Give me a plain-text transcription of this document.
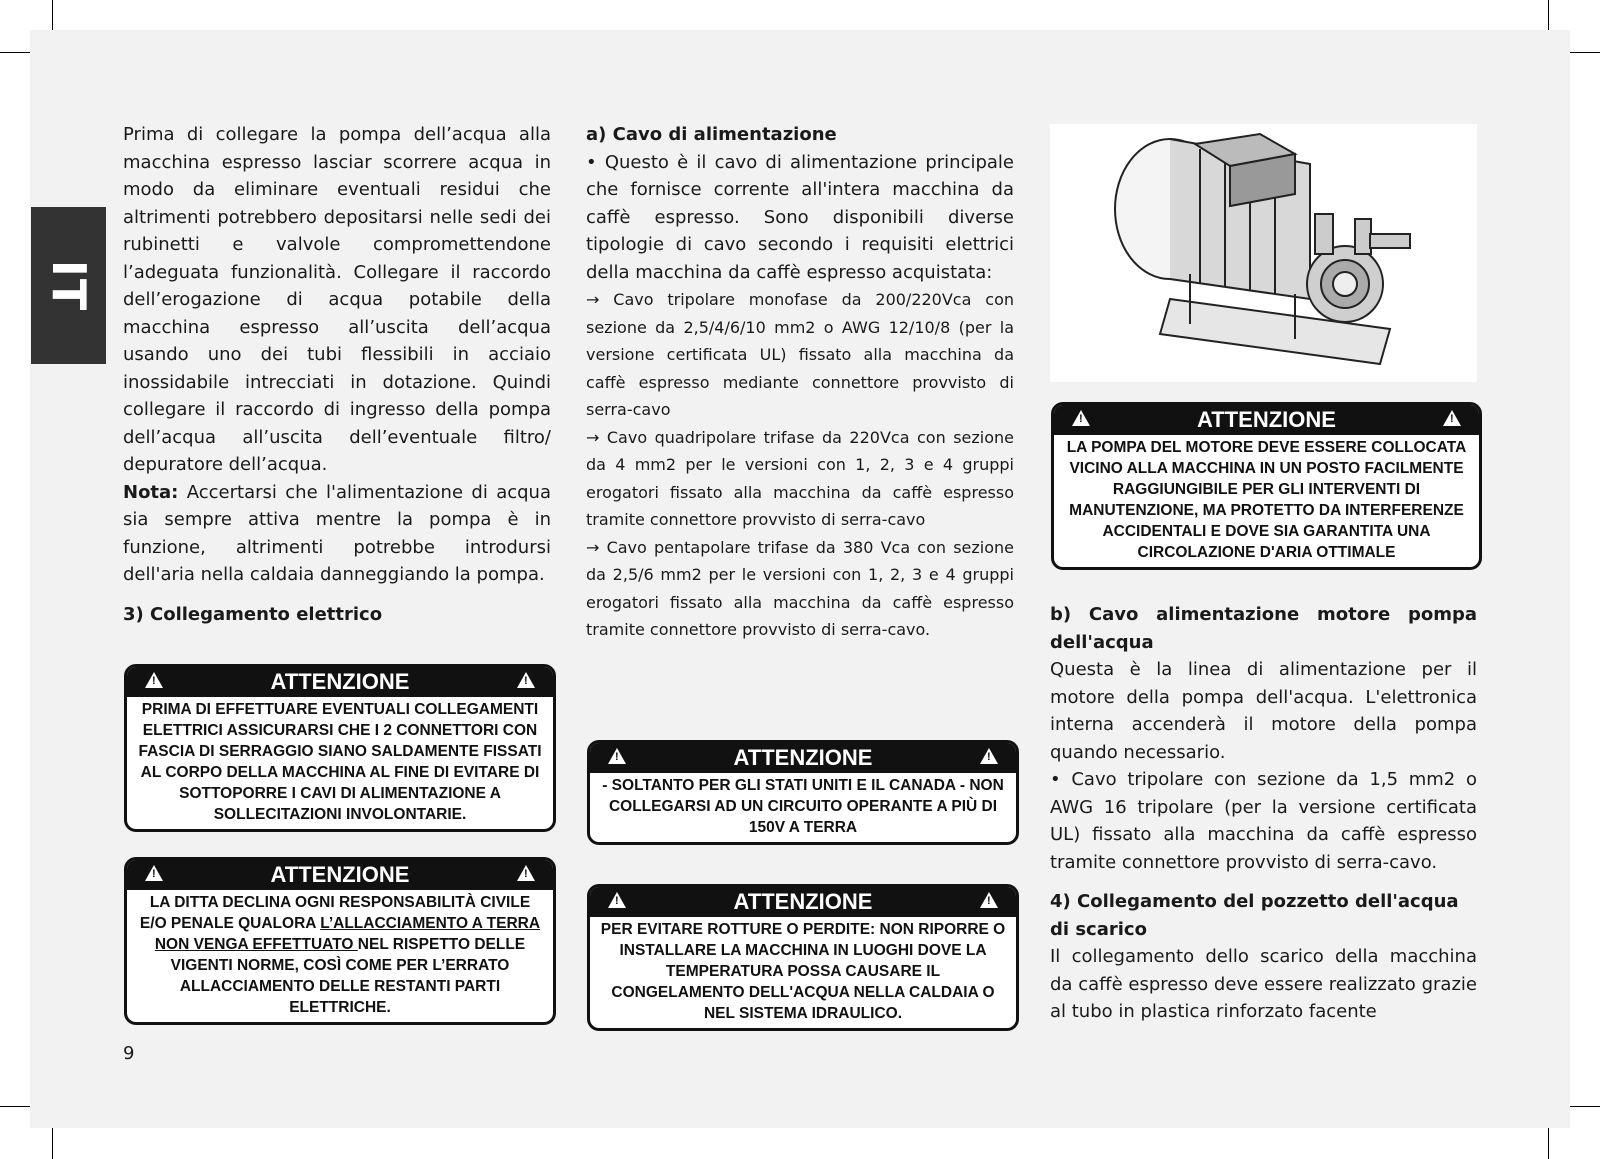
IT

Prima di collegare la pompa dell’acqua alla macchina espresso lasciar scorrere acqua in modo da eliminare eventuali residui che altrimenti potrebbero depositarsi nelle sedi dei rubinetti e valvole compromettendone l’adeguata funzionalità. Collegare il raccordo dell’erogazione di acqua potabile della macchina espresso all’uscita dell’acqua usando uno dei tubi flessibili in acciaio inossidabile intrecciati in dotazione. Quindi collegare il raccordo di ingresso della pompa dell’acqua all’uscita dell’eventuale filtro/ depuratore dell’acqua.

Nota: Accertarsi che l'alimentazione di acqua sia sempre attiva mentre la pompa è in funzione, altrimenti potrebbe introdursi dell'aria nella caldaia danneggiando la pompa.

3) Collegamento elettrico

!
ATTENZIONE
!
PRIMA DI EFFETTUARE EVENTUALI COLLEGAMENTI ELETTRICI ASSICURARSI CHE I 2 CONNETTORI CON FASCIA DI SERRAGGIO SIANO SALDAMENTE FISSATI AL CORPO DELLA MACCHINA AL FINE DI EVITARE DI SOTTOPORRE I CAVI DI ALIMENTAZIONE A SOLLECITAZIONI INVOLONTARIE.
!
ATTENZIONE
!
LA DITTA DECLINA OGNI RESPONSABILITÀ CIVILE E/O PENALE QUALORA L’ALLACCIAMENTO A TERRA NON VENGA EFFETTUATO NEL RISPETTO DELLE VIGENTI NORME, COSÌ COME PER L’ERRATO ALLACCIAMENTO DELLE RESTANTI PARTI ELETTRICHE.
9

a) Cavo di alimentazione

• Questo è il cavo di alimentazione principale che fornisce corrente all'intera macchina da caffè espresso. Sono disponibili diverse tipologie di cavo secondo i requisiti elettrici della macchina da caffè espresso acquistata:

→ Cavo tripolare monofase da 200/220Vca con sezione da 2,5/4/6/10 mm2 o AWG 12/10/8 (per la versione certificata UL) fissato alla macchina da caffè espresso mediante connettore provvisto di serra-cavo

→ Cavo quadripolare trifase da 220Vca con sezione da 4 mm2 per le versioni con 1, 2, 3 e 4 gruppi erogatori fissato alla macchina da caffè espresso tramite connettore provvisto di serra-cavo

→ Cavo pentapolare trifase da 380 Vca con sezione da 2,5/6 mm2 per le versioni con 1, 2, 3 e 4 gruppi erogatori fissato alla macchina da caffè espresso tramite connettore provvisto di serra-cavo.

!
ATTENZIONE
!
- SOLTANTO PER GLI STATI UNITI E IL CANADA - NON COLLEGARSI AD UN CIRCUITO OPERANTE A PIÙ DI 150V A TERRA
!
ATTENZIONE
!
PER EVITARE ROTTURE O PERDITE: NON RIPORRE O INSTALLARE LA MACCHINA IN LUOGHI DOVE LA TEMPERATURA POSSA CAUSARE IL CONGELAMENTO DELL'ACQUA NELLA CALDAIA O NEL SISTEMA IDRAULICO.
!
ATTENZIONE
!
LA POMPA DEL MOTORE DEVE ESSERE COLLOCATA VICINO ALLA MACCHINA IN UN POSTO FACILMENTE RAGGIUNGIBILE PER GLI INTERVENTI DI MANUTENZIONE, MA PROTETTO DA INTERFERENZE ACCIDENTALI E DOVE SIA GARANTITA UNA CIRCOLAZIONE D'ARIA OTTIMALE

b) Cavo alimentazione motore pompa dell'acqua

Questa è la linea di alimentazione per il motore della pompa dell'acqua. L'elettronica interna accenderà il motore della pompa quando necessario.

• Cavo tripolare con sezione da 1,5 mm2 o AWG 16 tripolare (per la versione certificata UL) fissato alla macchina da caffè espresso tramite connettore provvisto di serra-cavo.

4) Collegamento del pozzetto dell'acqua di scarico

Il collegamento dello scarico della macchina da caffè espresso deve essere realizzato grazie al tubo in plastica rinforzato facente
